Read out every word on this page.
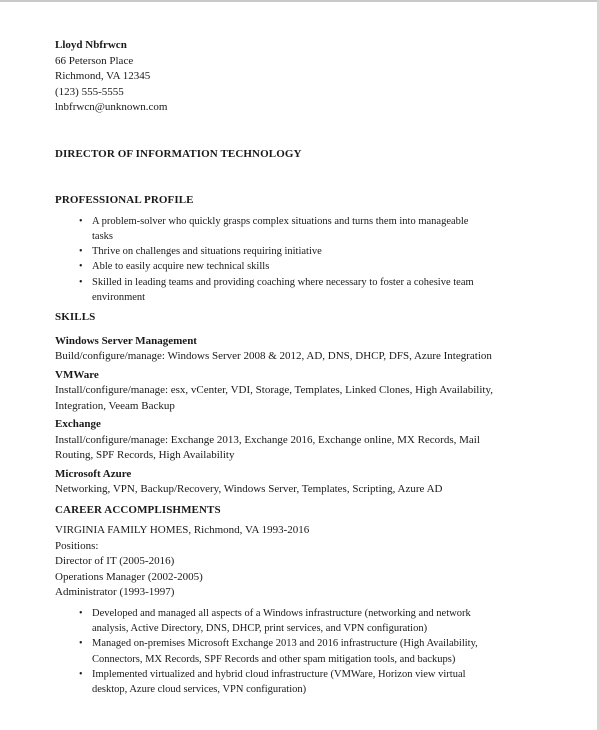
Lloyd Nbfrwcn
66 Peterson Place
Richmond, VA 12345
(123) 555-5555
lnbfrwcn@unknown.com
DIRECTOR OF INFORMATION TECHNOLOGY
PROFESSIONAL PROFILE
• A problem-solver who quickly grasps complex situations and turns them into manageable
tasks
• Thrive on challenges and situations requiring initiative
• Able to easily acquire new technical skills
• Skilled in leading teams and providing coaching where necessary to foster a cohesive team
environment
SKILLS
Windows Server Management
Build/configure/manage: Windows Server 2008 & 2012, AD, DNS, DHCP, DFS, Azure Integration
VMWare
Install/configure/manage: esx, vCenter, VDI, Storage, Templates, Linked Clones, High Availability,
Integration, Veeam Backup
Exchange
Install/configure/manage: Exchange 2013, Exchange 2016, Exchange online, MX Records, Mail
Routing, SPF Records, High Availability
Microsoft Azure
Networking, VPN, Backup/Recovery, Windows Server, Templates, Scripting, Azure AD
CAREER ACCOMPLISHMENTS
VIRGINIA FAMILY HOMES, Richmond, VA 1993-2016
Positions:
Director of IT (2005-2016)
Operations Manager (2002-2005)
Administrator (1993-1997)
• Developed and managed all aspects of a Windows infrastructure (networking and network
analysis, Active Directory, DNS, DHCP, print services, and VPN configuration)
• Managed on-premises Microsoft Exchange 2013 and 2016 infrastructure (High Availability,
Connectors, MX Records, SPF Records and other spam mitigation tools, and backups)
• Implemented virtualized and hybrid cloud infrastructure (VMWare, Horizon view virtual
desktop, Azure cloud services, VPN configuration)
